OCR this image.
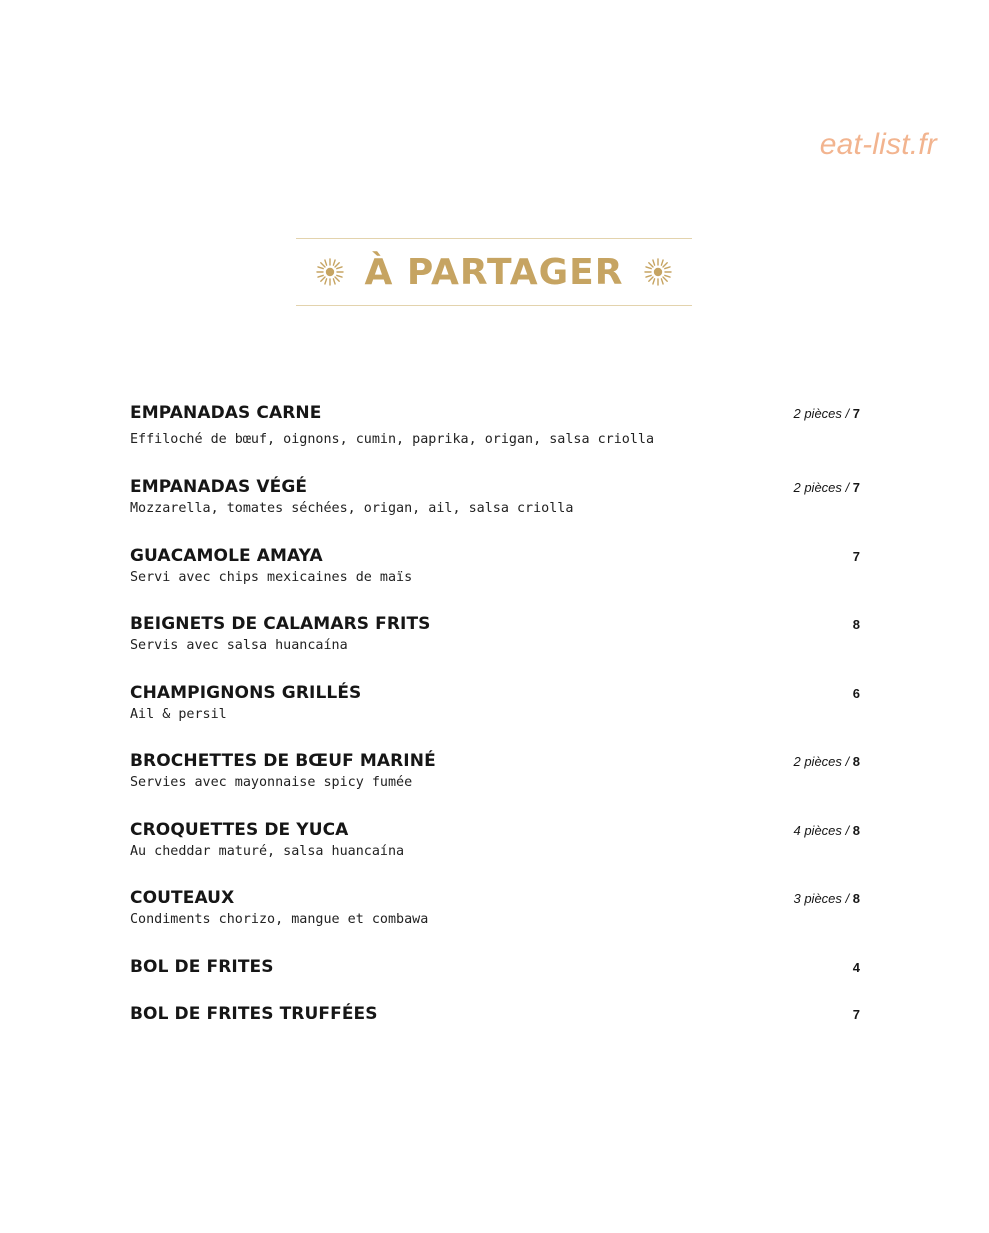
eat-list.fr
À PARTAGER
EMPANADAS CARNE	2 pièces / 7
Effiloché de bœuf, oignons, cumin, paprika, origan, salsa criolla
EMPANADAS VÉGÉ	2 pièces / 7
Mozzarella, tomates séchées, origan, ail, salsa criolla
GUACAMOLE AMAYA	7
Servi avec chips mexicaines de maïs
BEIGNETS DE CALAMARS FRITS	8
Servis avec salsa huancaína
CHAMPIGNONS GRILLÉS	6
Ail & persil
BROCHETTES DE BŒUF MARINÉ	2 pièces / 8
Servies avec mayonnaise spicy fumée
CROQUETTES DE YUCA	4 pièces / 8
Au cheddar maturé, salsa huancaína
COUTEAUX	3 pièces / 8
Condiments chorizo, mangue et combawa
BOL DE FRITES	4
BOL DE FRITES TRUFFÉES	7
